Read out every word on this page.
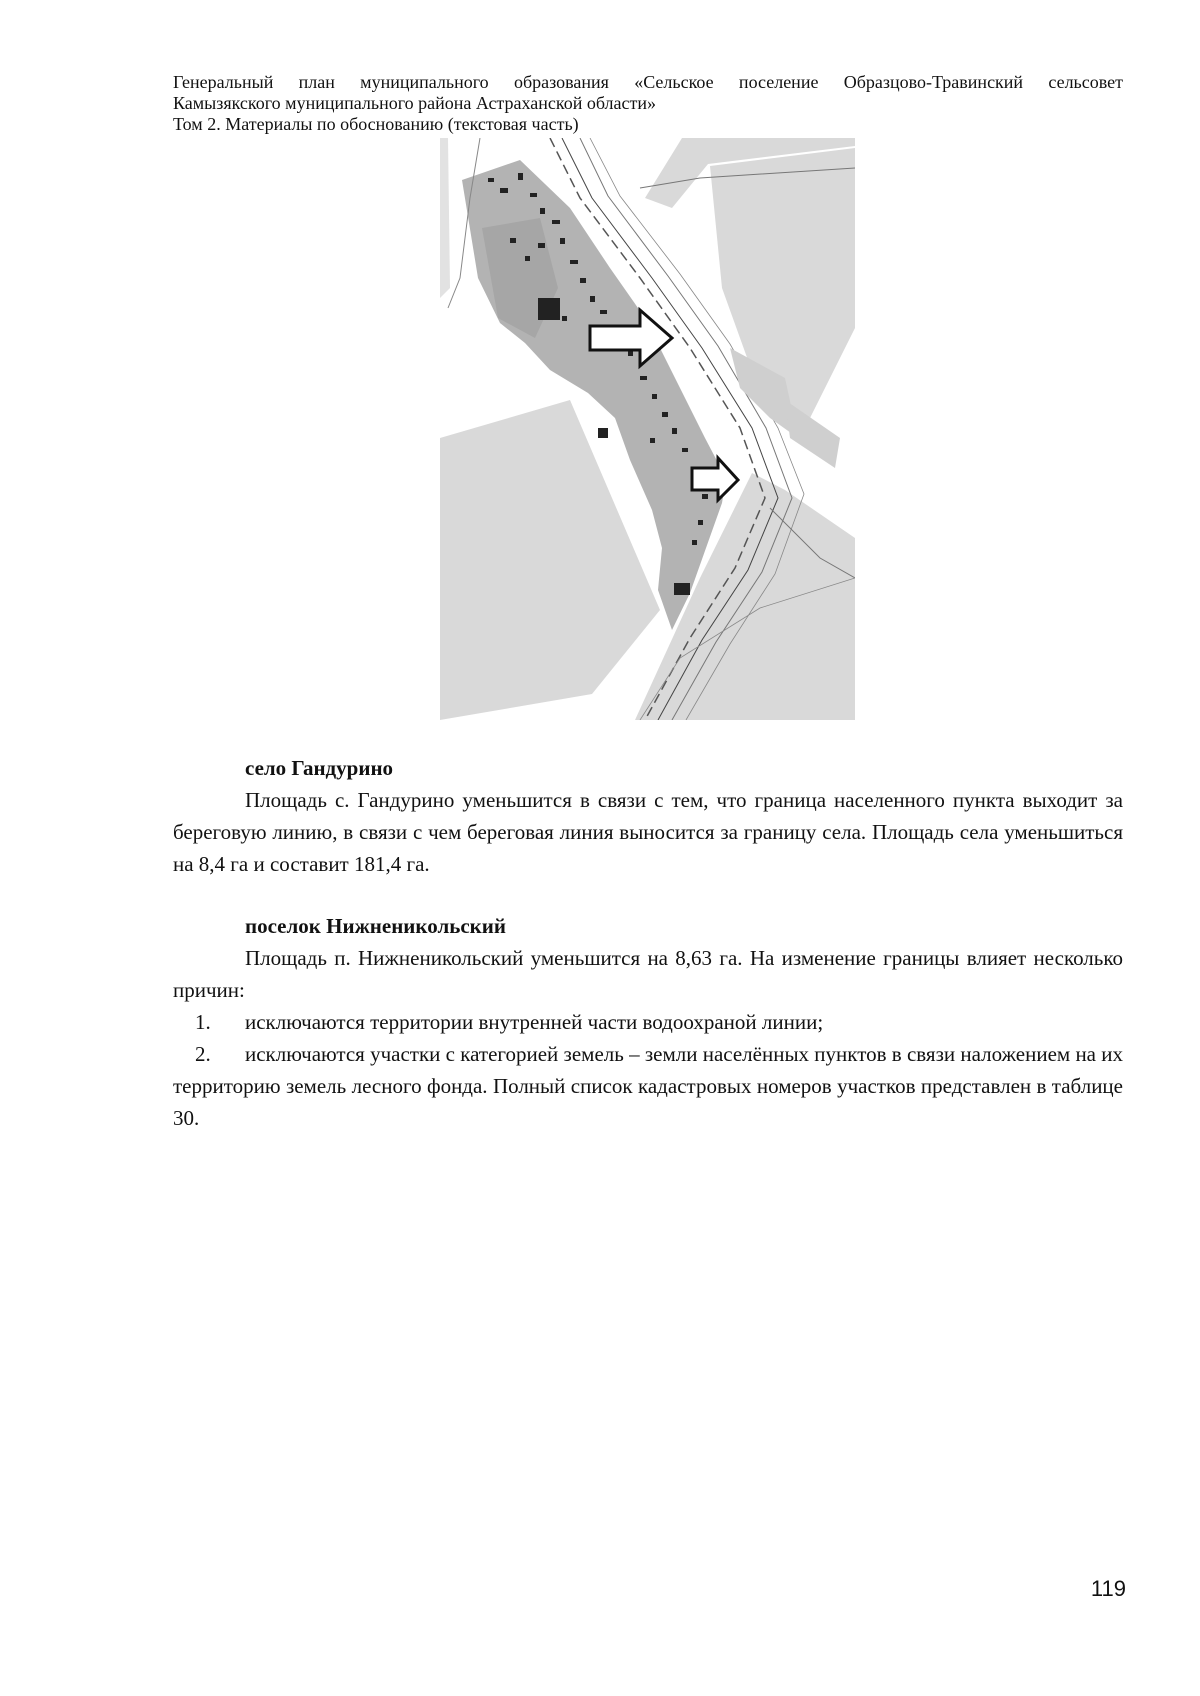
Генеральный план муниципального образования «Сельское поселение Образцово-Травинский сельсовет
Камызякского муниципального района Астраханской области»
Том 2. Материалы по обоснованию (текстовая часть)

село Гандурино

Площадь с. Гандурино уменьшится в связи с тем, что граница населенного пункта выходит за береговую линию, в связи с чем береговая линия выносится за границу села. Площадь села уменьшиться на 8,4 га и составит 181,4 га.

поселок Нижненикольский

Площадь п. Нижненикольский уменьшится на 8,63 га. На изменение границы влияет несколько причин:

1. исключаются территории внутренней части водоохраной линии;

2. исключаются участки с категорией земель – земли населённых пунктов в связи наложением на их территорию земель лесного фонда. Полный список кадастровых номеров участков представлен в таблице 30.

119
